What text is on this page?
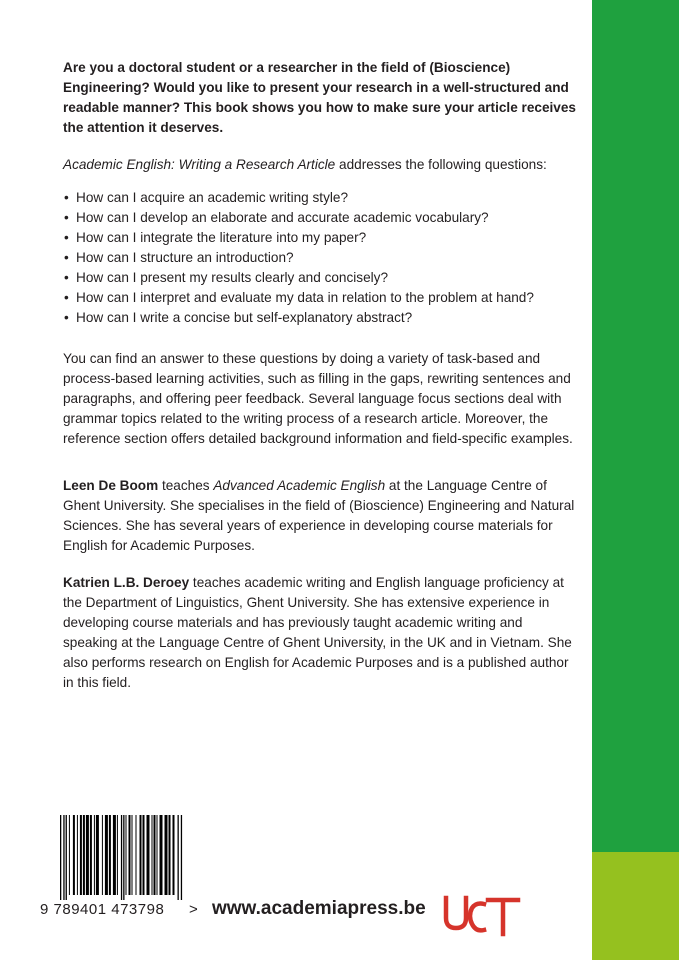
Are you a doctoral student or a researcher in the field of (Bioscience) Engineering? Would you like to present your research in a well-structured and readable manner? This book shows you how to make sure your article receives the attention it deserves.

Academic English: Writing a Research Article addresses the following questions:

• How can I acquire an academic writing style?
• How can I develop an elaborate and accurate academic vocabulary?
• How can I integrate the literature into my paper?
• How can I structure an introduction?
• How can I present my results clearly and concisely?
• How can I interpret and evaluate my data in relation to the problem at hand?
• How can I write a concise but self-explanatory abstract?

You can find an answer to these questions by doing a variety of task-based and process-based learning activities, such as filling in the gaps, rewriting sentences and paragraphs, and offering peer feedback. Several language focus sections deal with grammar topics related to the writing process of a research article. Moreover, the reference section offers detailed background information and field-specific examples.

Leen De Boom teaches Advanced Academic English at the Language Centre of Ghent University. She specialises in the field of (Bioscience) Engineering and Natural Sciences. She has several years of experience in developing course materials for English for Academic Purposes.

Katrien L.B. Deroey teaches academic writing and English language proficiency at the Department of Linguistics, Ghent University. She has extensive experience in developing course materials and has previously taught academic writing and speaking at the Language Centre of Ghent University, in the UK and in Vietnam. She also performs research on English for Academic Purposes and is a published author in this field.

9 789401 473798 > www.academiapress.be
